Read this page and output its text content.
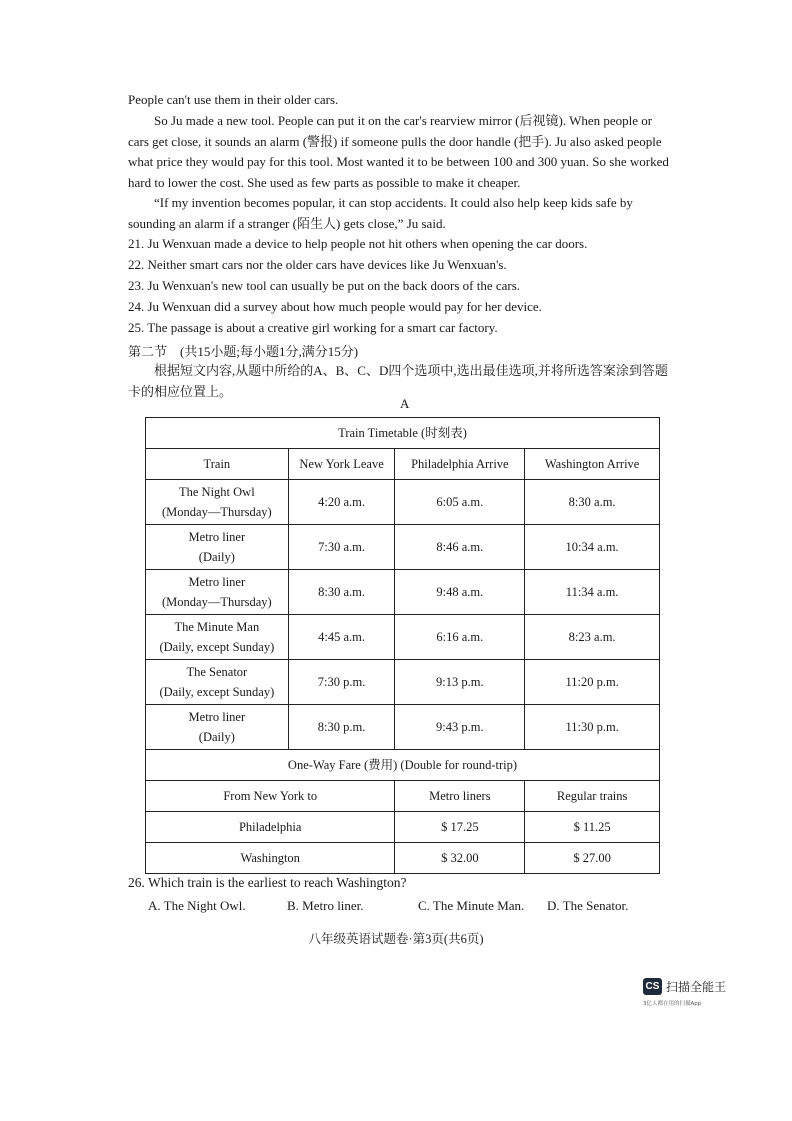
People can't use them in their older cars.

So Ju made a new tool. People can put it on the car's rearview mirror (后视镜). When people or cars get close, it sounds an alarm (警报) if someone pulls the door handle (把手). Ju also asked people what price they would pay for this tool. Most wanted it to be between 100 and 300 yuan. So she worked hard to lower the cost. She used as few parts as possible to make it cheaper.

“If my invention becomes popular, it can stop accidents. It could also help keep kids safe by sounding an alarm if a stranger (陌生人) gets close,” Ju said.

21. Ju Wenxuan made a device to help people not hit others when opening the car doors.
22. Neither smart cars nor the older cars have devices like Ju Wenxuan's.
23. Ju Wenxuan's new tool can usually be put on the back doors of the cars.
24. Ju Wenxuan did a survey about how much people would pay for her device.
25. The passage is about a creative girl working for a smart car factory.
第二节　(共15小题;每小题1分,满分15分)

根据短文内容,从题中所给的A、B、C、D四个选项中,选出最佳选项,并将所选答案涂到答题卡的相应位置上。

A
Train Timetable (时刻表)			
Train	New York Leave	Philadelphia Arrive	Washington Arrive

The Night Owl
(Monday—Thursday)	4:20 a.m.	6:05 a.m.	8:30 a.m.

Metro liner
(Daily)	7:30 a.m.	8:46 a.m.	10:34 a.m.

Metro liner
(Monday—Thursday)	8:30 a.m.	9:48 a.m.	11:34 a.m.

The Minute Man
(Daily, except Sunday)	4:45 a.m.	6:16 a.m.	8:23 a.m.

The Senator
(Daily, except Sunday)	7:30 p.m.	9:13 p.m.	11:20 p.m.

Metro liner
(Daily)	8:30 p.m.	9:43 p.m.	11:30 p.m.
One-Way Fare (费用) (Double for round-trip)			
From New York to		Metro liners	Regular trains
Philadelphia		$ 17.25	$ 11.25
Washington		$ 32.00	$ 27.00
26. Which train is the earliest to reach Washington?
A. The Night Owl.	B. Metro liner.	C. The Minute Man. D. The Senator.
八年级英语试题卷·第3页(共6页)
CS 扫描全能王
3亿人都在用的扫描App
